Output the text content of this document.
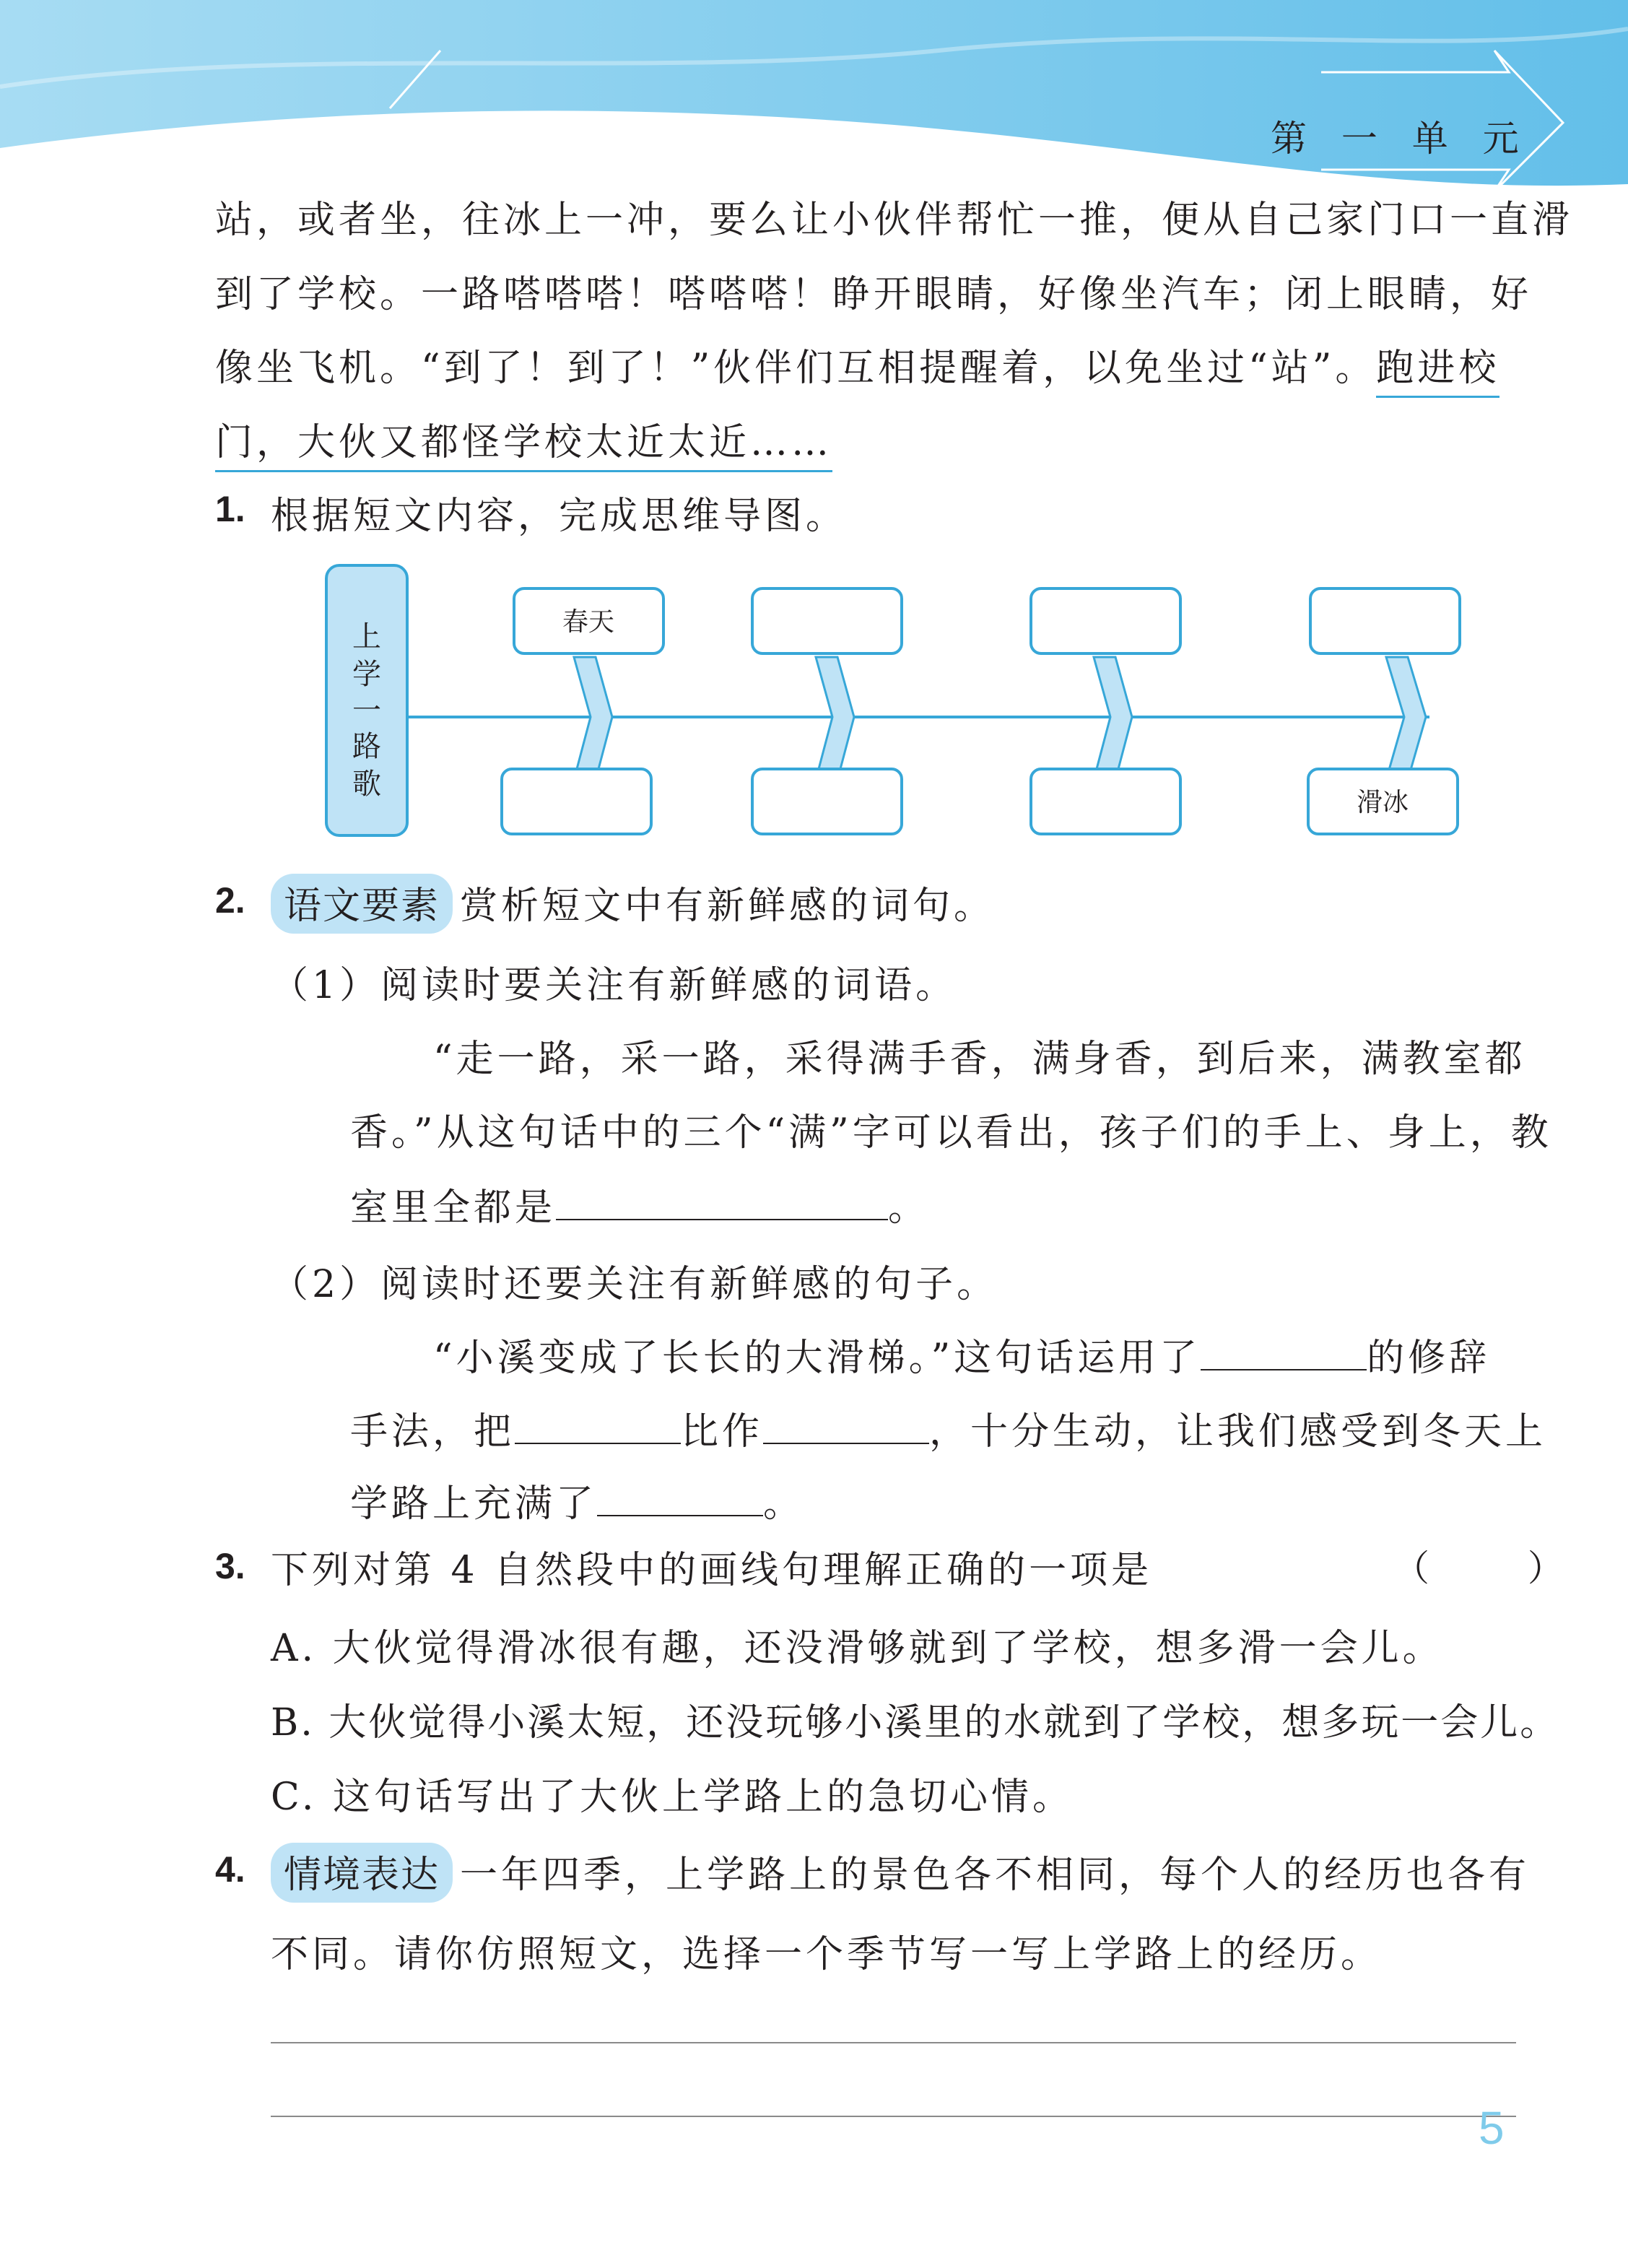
第 一 单 元
站，或者坐，往冰上一冲，要么让小伙伴帮忙一推，便从自己家门口一直滑
到了学校。一路嗒嗒嗒！嗒嗒嗒！睁开眼睛，好像坐汽车；闭上眼睛，好
像坐飞机。“到了！到了！”伙伴们互相提醒着，以免坐过“站”。跑进校
门，大伙又都怪学校太近太近……
1. 根据短文内容，完成思维导图。
上
学
一
路
歌
春天
滑冰
2.	语文要素 赏析短文中有新鲜感的词句。
（1）阅读时要关注有新鲜感的词语。
“走一路，采一路，采得满手香，满身香，到后来，满教室都
香。”从这句话中的三个“满”字可以看出，孩子们的手上、身上，教
室里全都是	。
（2）阅读时还要关注有新鲜感的句子。
“小溪变成了长长的大滑梯。”这句话运用了	的修辞
手法，把	比作	，十分生动，让我们感受到冬天上
学路上充满了	。
3. 下列对第 4 自然段中的画线句理解正确的一项是	（ ）
A. 大伙觉得滑冰很有趣，还没滑够就到了学校，想多滑一会儿。
B. 大伙觉得小溪太短，还没玩够小溪里的水就到了学校，想多玩一会儿。
C. 这句话写出了大伙上学路上的急切心情。
4.	情境表达 一年四季，上学路上的景色各不相同，每个人的经历也各有
不同。请你仿照短文，选择一个季节写一写上学路上的经历。
5
